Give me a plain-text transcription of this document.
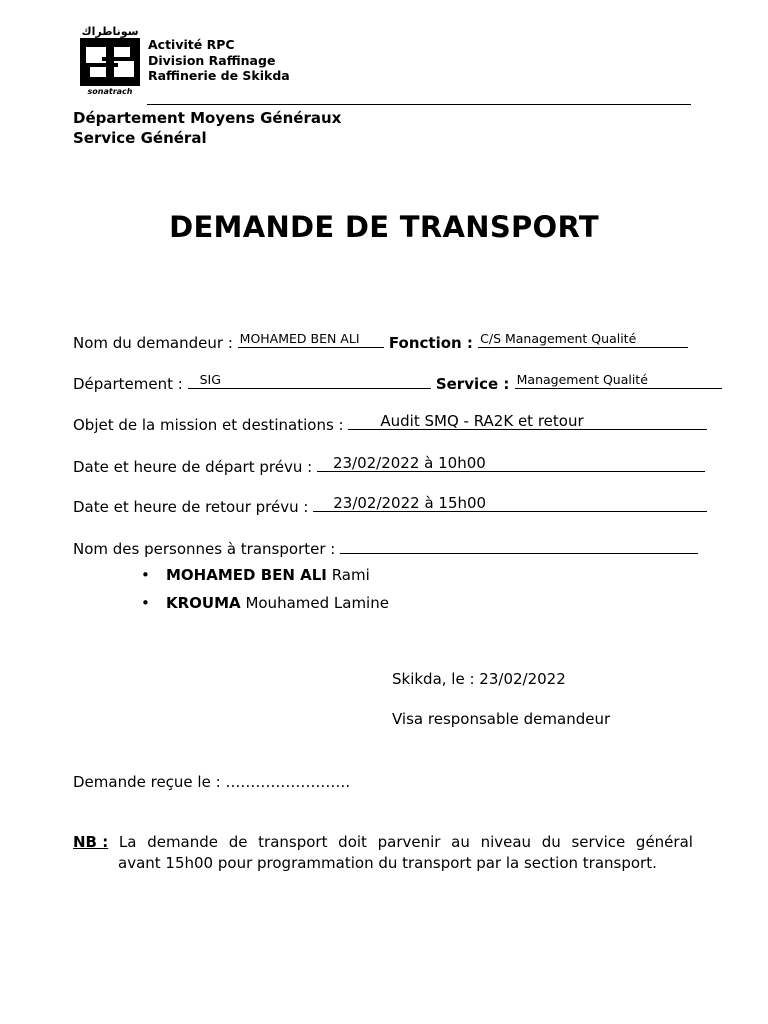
سوناطراك
sonatrach
Activité RPC
Division Raffinage
Raffinerie de Skikda
Département Moyens Généraux
Service Général
DEMANDE DE TRANSPORT
Nom du demandeur : MOHAMED BEN ALI Fonction : C/S Management Qualité
Département : SIG	Service : Management Qualité
Objet de la mission et destinations : Audit SMQ - RA2K et retour
Date et heure de départ prévu : 23/02/2022 à 10h00
Date et heure de retour prévu : 23/02/2022 à 15h00
Nom des personnes à transporter :
• MOHAMED BEN ALI Rami
• KROUMA Mouhamed Lamine
Skikda, le : 23/02/2022
Visa responsable demandeur
Demande reçue le : …………………….
NB : La demande de transport doit parvenir au niveau du service général
avant 15h00 pour programmation du transport par la section transport.
